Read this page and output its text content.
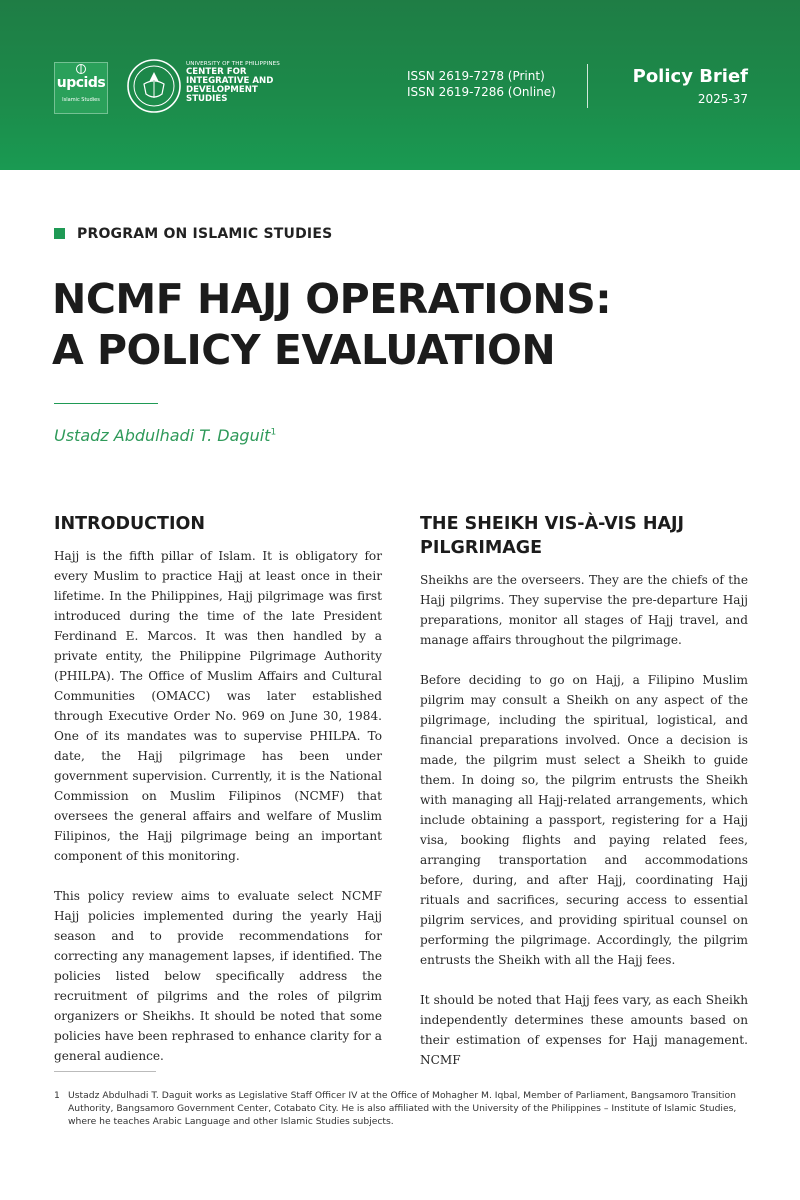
upcids
Islamic Studies
UNIVERSITY OF THE PHILIPPINES
CENTER FOR
INTEGRATIVE AND
DEVELOPMENT
STUDIES
ISSN 2619-7278 (Print)
ISSN 2619-7286 (Online)
Policy Brief
2025-37
PROGRAM ON ISLAMIC STUDIES
NCMF HAJJ OPERATIONS:
A POLICY EVALUATION
Ustadz Abdulhadi T. Daguit$^1$
INTRODUCTION

Hajj is the fifth pillar of Islam. It is obligatory for every Muslim to practice Hajj at least once in their lifetime. In the Philippines, Hajj pilgrimage was first introduced during the time of the late President Ferdinand E. Marcos. It was then handled by a private entity, the Philippine Pilgrimage Authority (PHILPA). The Office of Muslim Affairs and Cultural Communities (OMACC) was later established through Executive Order No. 969 on June 30, 1984. One of its mandates was to supervise PHILPA. To date, the Hajj pilgrimage has been under government supervision. Currently, it is the National Commission on Muslim Filipinos (NCMF) that oversees the general affairs and welfare of Muslim Filipinos, the Hajj pilgrimage being an important component of this monitoring.

This policy review aims to evaluate select NCMF Hajj policies implemented during the yearly Hajj season and to provide recommendations for correcting any management lapses, if identified. The policies listed below specifically address the recruitment of pilgrims and the roles of pilgrim organizers or Sheikhs. It should be noted that some policies have been rephrased to enhance clarity for a general audience.

THE SHEIKH VIS-À-VIS HAJJ PILGRIMAGE

Sheikhs are the overseers. They are the chiefs of the Hajj pilgrims. They supervise the pre-departure Hajj preparations, monitor all stages of Hajj travel, and manage affairs throughout the pilgrimage.

Before deciding to go on Hajj, a Filipino Muslim pilgrim may consult a Sheikh on any aspect of the pilgrimage, including the spiritual, logistical, and financial preparations involved. Once a decision is made, the pilgrim must select a Sheikh to guide them. In doing so, the pilgrim entrusts the Sheikh with managing all Hajj-related arrangements, which include obtaining a passport, registering for a Hajj visa, booking flights and paying related fees, arranging transportation and accommodations before, during, and after Hajj, coordinating Hajj rituals and sacrifices, securing access to essential pilgrim services, and providing spiritual counsel on performing the pilgrimage. Accordingly, the pilgrim entrusts the Sheikh with all the Hajj fees.

It should be noted that Hajj fees vary, as each Sheikh independently determines these amounts based on their estimation of expenses for Hajj management. NCMF

1 Ustadz Abdulhadi T. Daguit works as Legislative Staff Officer IV at the Office of Mohagher M. Iqbal, Member of Parliament, Bangsamoro Transition Authority, Bangsamoro Government Center, Cotabato City. He is also affiliated with the University of the Philippines – Institute of Islamic Studies, where he teaches Arabic Language and other Islamic Studies subjects.
